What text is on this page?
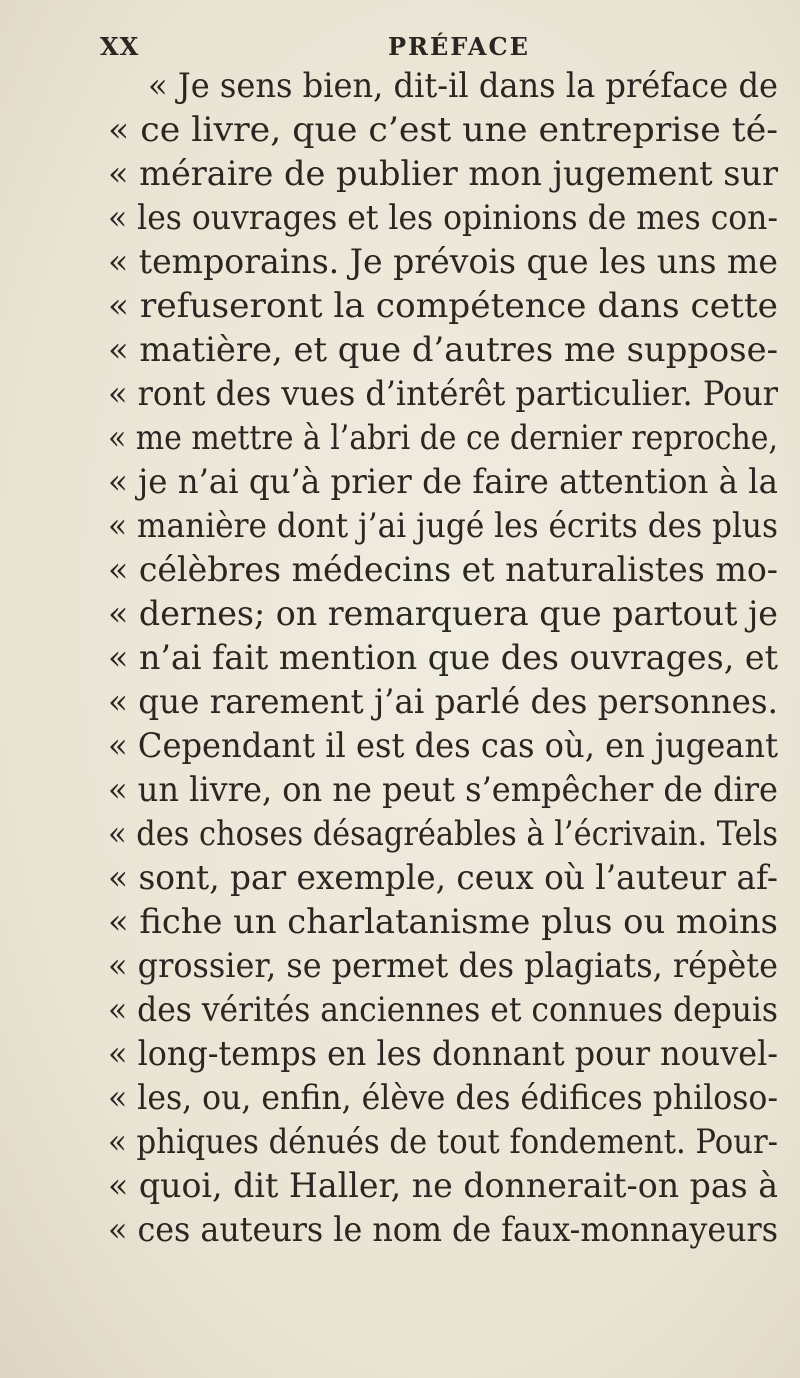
XX	PRÉFACE
« Je sens bien, dit-il dans la préface de
« ce livre, que c’est une entreprise té-
« méraire de publier mon jugement sur
« les ouvrages et les opinions de mes con-
« temporains. Je prévois que les uns me
« refuseront la compétence dans cette
« matière, et que d’autres me suppose-
« ront des vues d’intérêt particulier. Pour
« me mettre à l’abri de ce dernier reproche,
« je n’ai qu’à prier de faire attention à la
« manière dont j’ai jugé les écrits des plus
« célèbres médecins et naturalistes mo-
« dernes; on remarquera que partout je
« n’ai fait mention que des ouvrages, et
« que rarement j’ai parlé des personnes.
« Cependant il est des cas où, en jugeant
« un livre, on ne peut s’empêcher de dire
« des choses désagréables à l’écrivain. Tels
« sont, par exemple, ceux où l’auteur af-
« fiche un charlatanisme plus ou moins
« grossier, se permet des plagiats, répète
« des vérités anciennes et connues depuis
« long-temps en les donnant pour nouvel-
« les, ou, enfin, élève des édifices philoso-
« phiques dénués de tout fondement. Pour-
« quoi, dit Haller, ne donnerait-on pas à
« ces auteurs le nom de faux-monnayeurs
